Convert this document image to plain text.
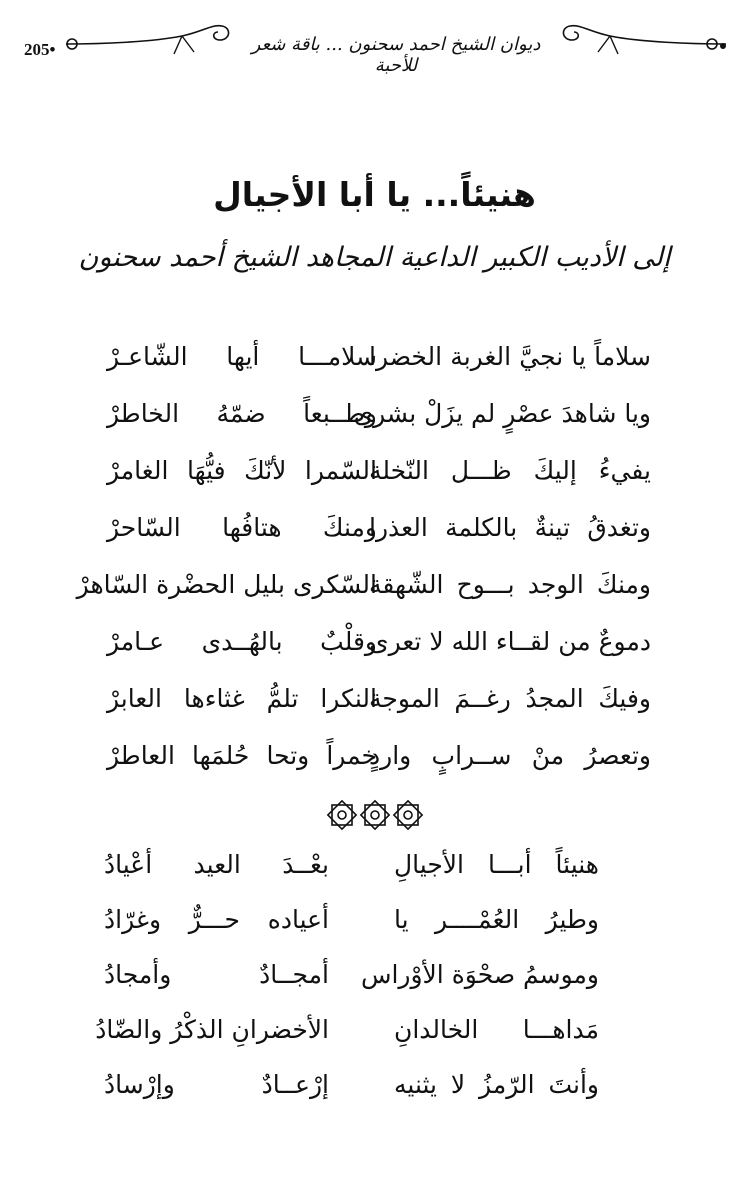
205•	ديوان الشيخ احمد سحنون ... باقة شعر للأحبة
هنيئاً... يا أبا الأجيال
إلى الأديب الكبير الداعية المجاهد الشيخ أحمد سحنون
سلاماً يا نجيَّ الغربة الخضرا
سلامـــا أيها الشّاعـرْ
ويا شاهدَ عصْرٍ لم يزَلْ بشرى
وطــبعاً ضمّهُ الخاطرْ
يفيءُ إليكَ ظـــل النّخلة
السّمرا لأنّكَ فيُّهَا الغامرْ
وتغدقُ تينةٌ بالكلمة العذرا
ومنكَ هتافُها السّاحرْ
ومنكَ الوجد بـــوح الشّهقة
السّكرى بليل الحضْرة السّاهرْ
دموعٌ من لقــاء الله لا تعرى
وقلْبٌ بالهُــدى عـامرْ
وفيكَ المجدُ رغــمَ الموجة
النكرا تلمُّ غثاءها العابرْ
وتعصرُ منْ ســرابٍ واردٍ
خمراً وتحا حُلمَها العاطرْ
هنيئاً أبـــا الأجيالِ
بعْــدَ العيد أعْيادُ
وطيرُ العُمْــــر يا
أعياده حـــرٌّ وغرّادُ
وموسمُ صحْوَة الأوْراس
أمجــادٌ وأمجادُ
مَداهـــا الخالدانِ
الأخضرانِ الذكْرُ والضّادُ
وأنتَ الرّمزُ لا يثنيه
إرْعــادٌ وإرْسادُ
